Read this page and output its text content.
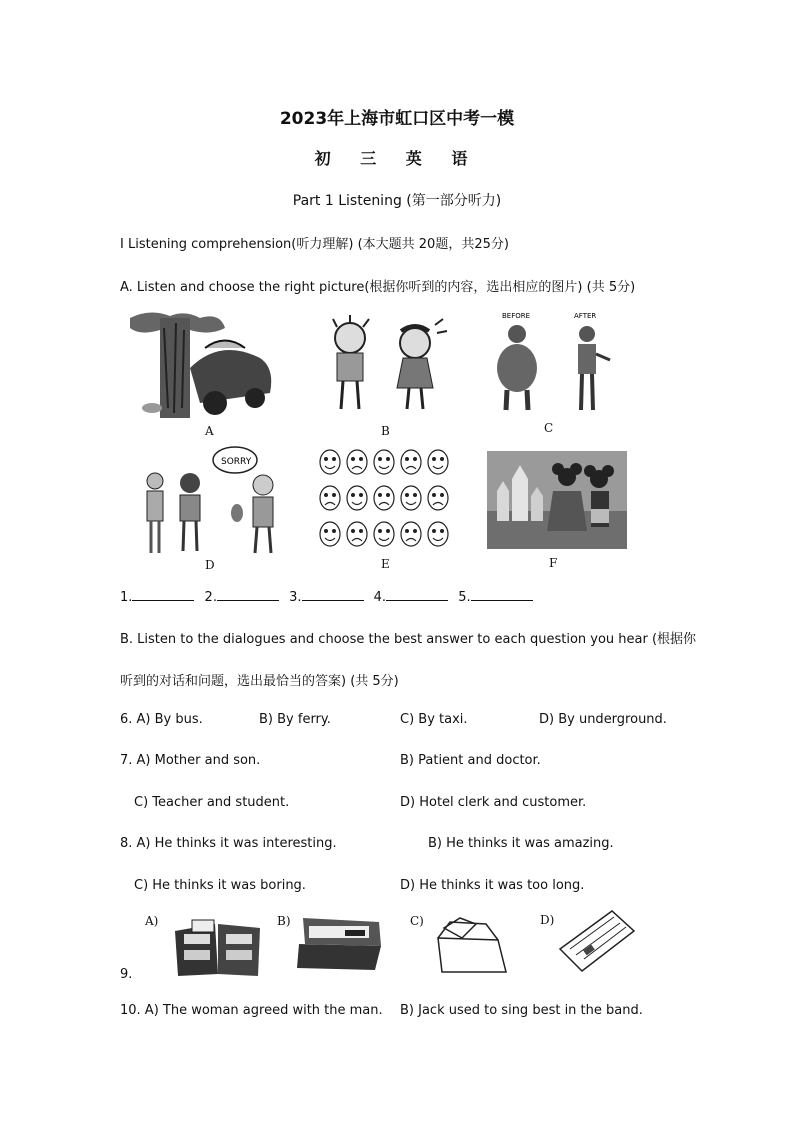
2023年上海市虹口区中考一模
初 三 英 语
Part 1 Listening (第一部分听力)
I Listening comprehension(听力理解) (本大题共 20题，共25分)
A. Listen and choose the right picture(根据你听到的内容，选出相应的图片) (共 5分)
A	B
BEFORE	AFTER
C
SORRY
D	E	F
1.	2.	3.	4.	5.
B. Listen to the dialogues and choose the best answer to each question you hear (根据你
听到的对话和问题，选出最恰当的答案) (共 5分)
6. A) By bus.	B) By ferry.	C) By taxi.	D) By underground.
7. A) Mother and son.	B) Patient and doctor.
C) Teacher and student.	D) Hotel clerk and customer.
8. A) He thinks it was interesting.	B) He thinks it was amazing.
C) He thinks it was boring.	D) He thinks it was too long.
9.
A)	B)	C)	D)
10. A) The woman agreed with the man. B) Jack used to sing best in the band.
